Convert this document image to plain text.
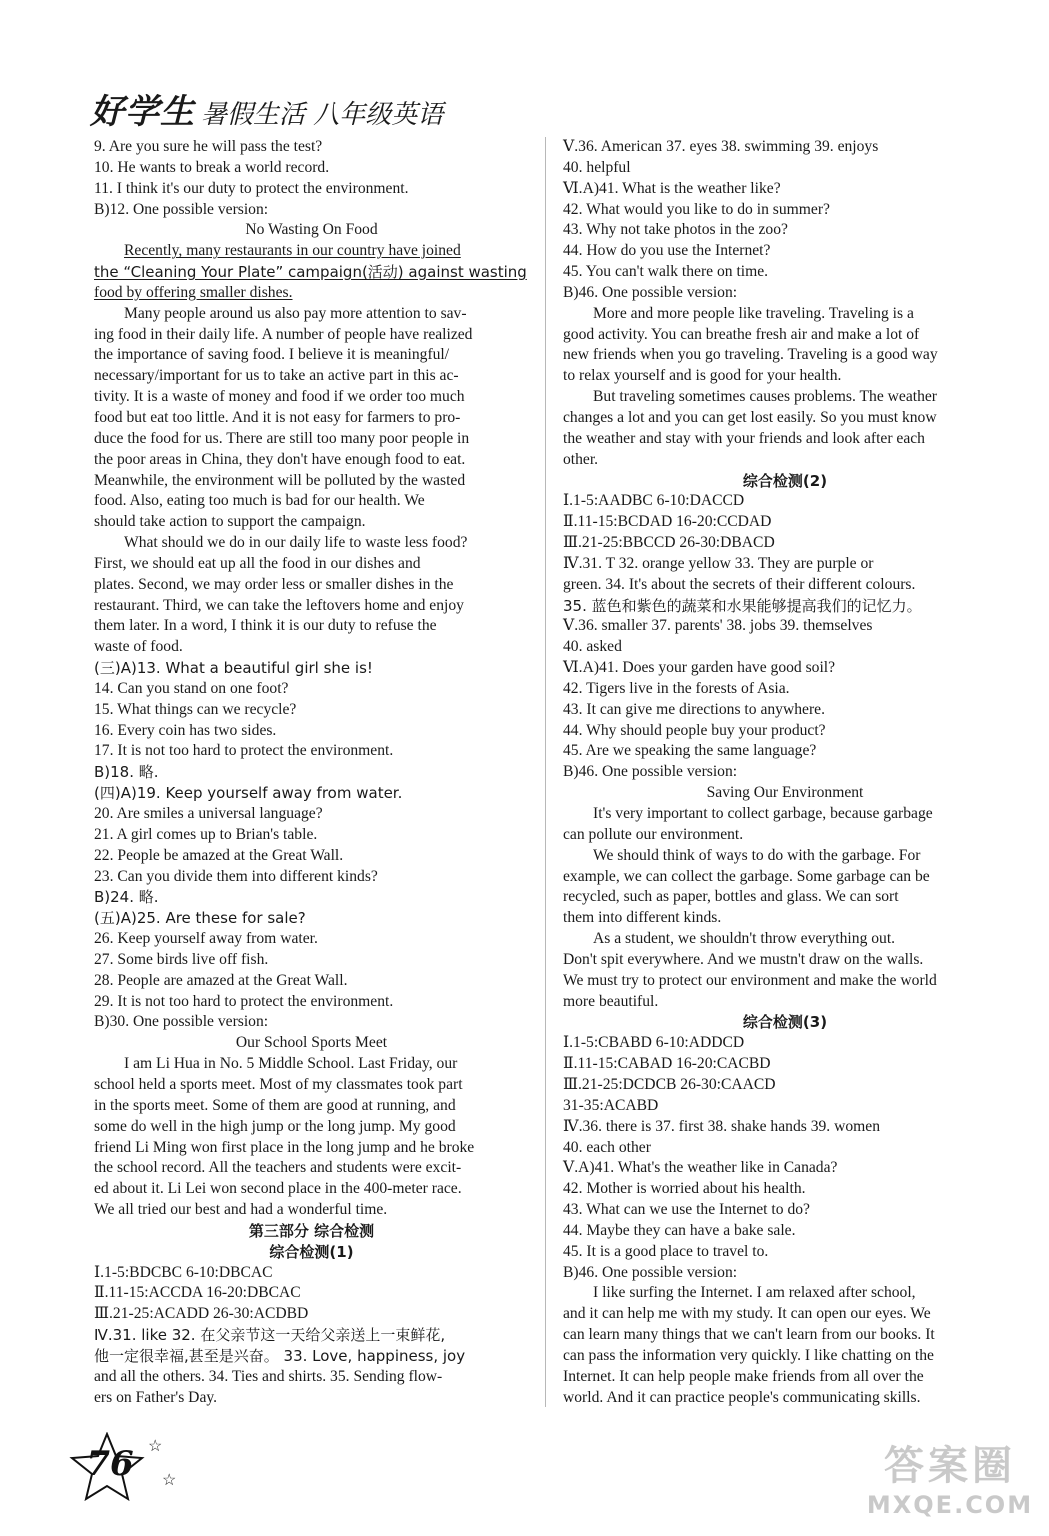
好学生 暑假生活 八年级英语
9. Are you sure he will pass the test?
10. He wants to break a world record.
11. I think it's our duty to protect the environment.
B)12. One possible version:
No Wasting On Food
Recently, many restaurants in our country have joined
the “Cleaning Your Plate” campaign(活动) against wasting
food by offering smaller dishes.
Many people around us also pay more attention to sav-
ing food in their daily life. A number of people have realized
the importance of saving food. I believe it is meaningful/
necessary/important for us to take an active part in this ac-
tivity. It is a waste of money and food if we order too much
food but eat too little. And it is not easy for farmers to pro-
duce the food for us. There are still too many poor people in
the poor areas in China, they don't have enough food to eat.
Meanwhile, the environment will be polluted by the wasted
food. Also, eating too much is bad for our health. We
should take action to support the campaign.
What should we do in our daily life to waste less food?
First, we should eat up all the food in our dishes and
plates. Second, we may order less or smaller dishes in the
restaurant. Third, we can take the leftovers home and enjoy
them later. In a word, I think it is our duty to refuse the
waste of food.
(三)A)13. What a beautiful girl she is!
14. Can you stand on one foot?
15. What things can we recycle?
16. Every coin has two sides.
17. It is not too hard to protect the environment.
B)18. 略.
(四)A)19. Keep yourself away from water.
20. Are smiles a universal language?
21. A girl comes up to Brian's table.
22. People be amazed at the Great Wall.
23. Can you divide them into different kinds?
B)24. 略.
(五)A)25. Are these for sale?
26. Keep yourself away from water.
27. Some birds live off fish.
28. People are amazed at the Great Wall.
29. It is not too hard to protect the environment.
B)30. One possible version:
Our School Sports Meet
I am Li Hua in No. 5 Middle School. Last Friday, our
school held a sports meet. Most of my classmates took part
in the sports meet. Some of them are good at running, and
some do well in the high jump or the long jump. My good
friend Li Ming won first place in the long jump and he broke
the school record. All the teachers and students were excit-
ed about it. Li Lei won second place in the 400-meter race.
We all tried our best and had a wonderful time.
第三部分 综合检测
综合检测(1)
Ⅰ.1-5:BDCBC 6-10:DBCAC
Ⅱ.11-15:ACCDA 16-20:DBCAC
Ⅲ.21-25:ACADD 26-30:ACDBD
Ⅳ.31. like 32. 在父亲节这一天给父亲送上一束鲜花,
他一定很幸福,甚至是兴奋。 33. Love, happiness, joy
and all the others. 34. Ties and shirts. 35. Sending flow-
ers on Father's Day.
Ⅴ.36. American 37. eyes 38. swimming 39. enjoys
40. helpful
Ⅵ.A)41. What is the weather like?
42. What would you like to do in summer?
43. Why not take photos in the zoo?
44. How do you use the Internet?
45. You can't walk there on time.
B)46. One possible version:
More and more people like traveling. Traveling is a
good activity. You can breathe fresh air and make a lot of
new friends when you go traveling. Traveling is a good way
to relax yourself and is good for your health.
But traveling sometimes causes problems. The weather
changes a lot and you can get lost easily. So you must know
the weather and stay with your friends and look after each
other.
综合检测(2)
Ⅰ.1-5:AADBC 6-10:DACCD
Ⅱ.11-15:BCDAD 16-20:CCDAD
Ⅲ.21-25:BBCCD 26-30:DBACD
Ⅳ.31. T 32. orange yellow 33. They are purple or
green. 34. It's about the secrets of their different colours.
35. 蓝色和紫色的蔬菜和水果能够提高我们的记忆力。
Ⅴ.36. smaller 37. parents' 38. jobs 39. themselves
40. asked
Ⅵ.A)41. Does your garden have good soil?
42. Tigers live in the forests of Asia.
43. It can give me directions to anywhere.
44. Why should people buy your product?
45. Are we speaking the same language?
B)46. One possible version:
Saving Our Environment
It's very important to collect garbage, because garbage
can pollute our environment.
We should think of ways to do with the garbage. For
example, we can collect the garbage. Some garbage can be
recycled, such as paper, bottles and glass. We can sort
them into different kinds.
As a student, we shouldn't throw everything out.
Don't spit everywhere. And we mustn't draw on the walls.
We must try to protect our environment and make the world
more beautiful.
综合检测(3)
Ⅰ.1-5:CBABD 6-10:ADDCD
Ⅱ.11-15:CABAD 16-20:CACBD
Ⅲ.21-25:DCDCB 26-30:CAACD
31-35:ACABD
Ⅳ.36. there is 37. first 38. shake hands 39. women
40. each other
Ⅴ.A)41. What's the weather like in Canada?
42. Mother is worried about his health.
43. What can we use the Internet to do?
44. Maybe they can have a bake sale.
45. It is a good place to travel to.
B)46. One possible version:
I like surfing the Internet. I am relaxed after school,
and it can help me with my study. It can open our eyes. We
can learn many things that we can't learn from our books. It
can pass the information very quickly. I like chatting on the
Internet. It can help people make friends from all over the
world. And it can practice people's communicating skills.
76 ☆
☆	答案圈
MXQE.COM
